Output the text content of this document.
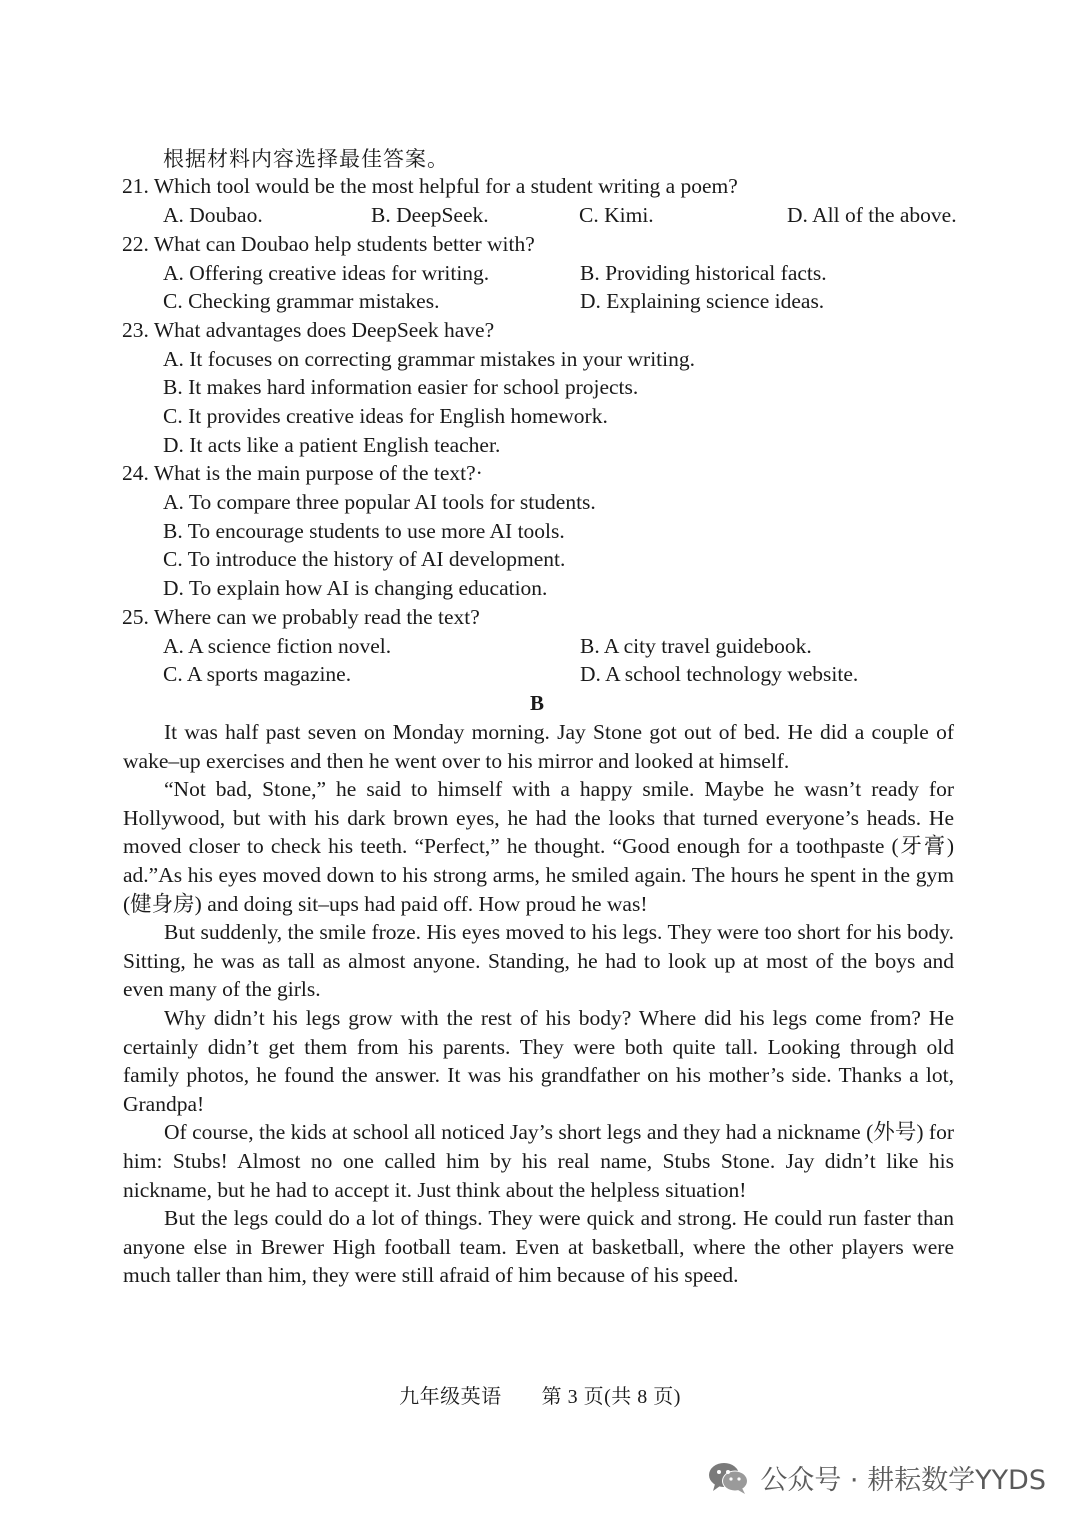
根据材料内容选择最佳答案。
21. Which tool would be the most helpful for a student writing a poem?
A. Doubao.	B. DeepSeek.	C. Kimi.	D. All of the above.
22. What can Doubao help students better with?
A. Offering creative ideas for writing.	B. Providing historical facts.
C. Checking grammar mistakes.	D. Explaining science ideas.
23. What advantages does DeepSeek have?
A. It focuses on correcting grammar mistakes in your writing.
B. It makes hard information easier for school projects.
C. It provides creative ideas for English homework.
D. It acts like a patient English teacher.
24. What is the main purpose of the text?·
A. To compare three popular AI tools for students.
B. To encourage students to use more AI tools.
C. To introduce the history of AI development.
D. To explain how AI is changing education.
25. Where can we probably read the text?
A. A science fiction novel.	B. A city travel guidebook.
C. A sports magazine.	D. A school technology website.
B

It was half past seven on Monday morning. Jay Stone got out of bed. He did a couple of wake–up exercises and then he went over to his mirror and looked at himself.

“Not bad, Stone,” he said to himself with a happy smile. Maybe he wasn’t ready for Hollywood, but with his dark brown eyes, he had the looks that turned everyone’s heads. He moved closer to check his teeth. “Perfect,” he thought. “Good enough for a toothpaste (牙膏) ad.”As his eyes moved down to his strong arms, he smiled again. The hours he spent in the gym (健身房) and doing sit–ups had paid off. How proud he was!

But suddenly, the smile froze. His eyes moved to his legs. They were too short for his body. Sitting, he was as tall as almost anyone. Standing, he had to look up at most of the boys and even many of the girls.

Why didn’t his legs grow with the rest of his body? Where did his legs come from? He certainly didn’t get them from his parents. They were both quite tall. Looking through old family photos, he found the answer. It was his grandfather on his mother’s side. Thanks a lot, Grandpa!

Of course, the kids at school all noticed Jay’s short legs and they had a nickname (外号) for him: Stubs! Almost no one called him by his real name, Stubs Stone. Jay didn’t like his nickname, but he had to accept it. Just think about the helpless situation!

But the legs could do a lot of things. They were quick and strong. He could run faster than anyone else in Brewer High football team. Even at basketball, where the other players were much taller than him, they were still afraid of him because of his speed.

九年级英语 第 3 页(共 8 页)
公众号 · 耕耘数学YYDS
